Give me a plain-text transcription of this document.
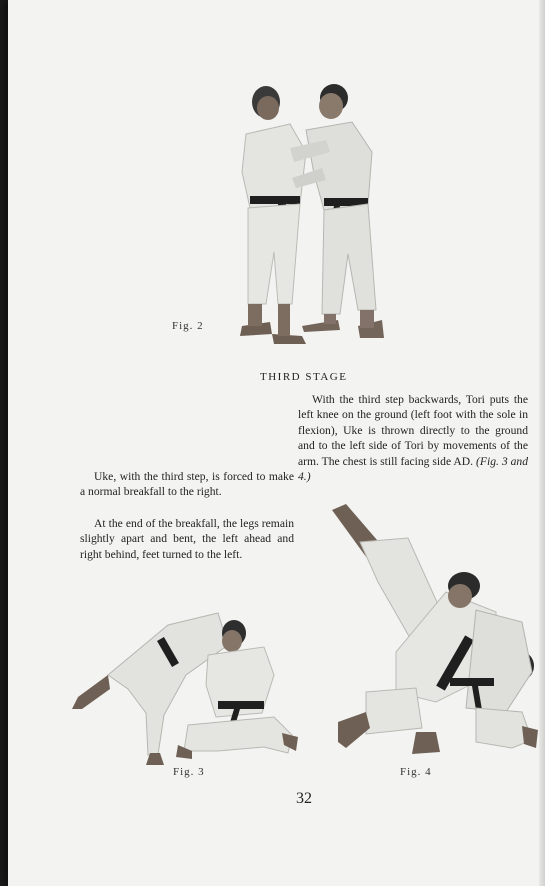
Fig. 2
THIRD STAGE
With the third step backwards, Tori puts the left knee on the ground (left foot with the sole in flexion), Uke is thrown directly to the ground and to the left side of Tori by movements of the arm. The chest is still facing side AD. (Fig. 3 and 4.)
Uke, with the third step, is forced to make a normal breakfall to the right.
At the end of the breakfall, the legs remain slightly apart and bent, the left ahead and right behind, feet turned to the left.
Fig. 3	Fig. 4
32
